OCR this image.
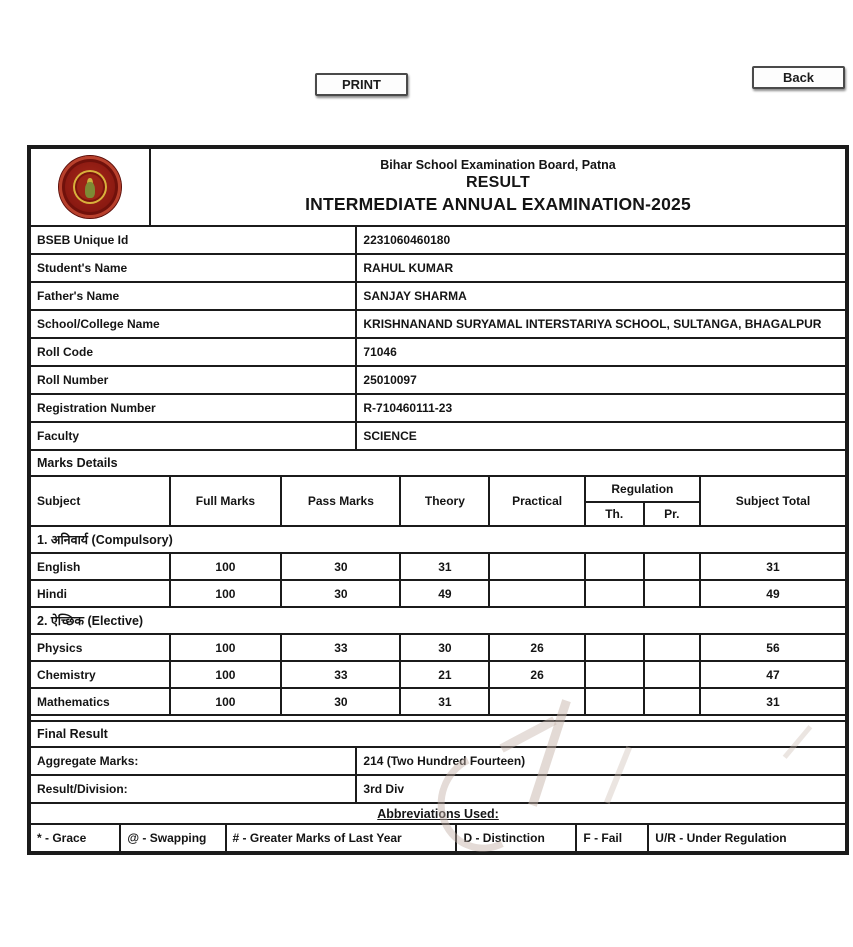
PRINT	Back

Bihar School Examination Board, Patna
RESULT
INTERMEDIATE ANNUAL EXAMINATION-2025
BSEB Unique Id	2231060460180
Student's Name	RAHUL KUMAR
Father's Name	SANJAY SHARMA
School/College Name	KRISHNANAND SURYAMAL INTERSTARIYA SCHOOL, SULTANGA, BHAGALPUR
Roll Code	71046
Roll Number	25010097
Registration Number	R-710460111-23
Faculty	SCIENCE
Marks Details
Subject	Full Marks	Pass Marks	Theory	Practical	Regulation		Subject Total
					Th.	Pr.	
1. अनिवार्य (Compulsory)							
English	100	30	31				31
Hindi	100	30	49				49
2. ऐच्छिक (Elective)							
Physics	100	33	30	26			56
Chemistry	100	33	21	26			47
Mathematics	100	30	31				31

Final Result
Aggregate Marks:	214 (Two Hundred Fourteen)
Result/Division:	3rd Div
Abbreviations Used:
* - Grace	@ - Swapping	# - Greater Marks of Last Year	D - Distinction	F - Fail	U/R - Under Regulation
